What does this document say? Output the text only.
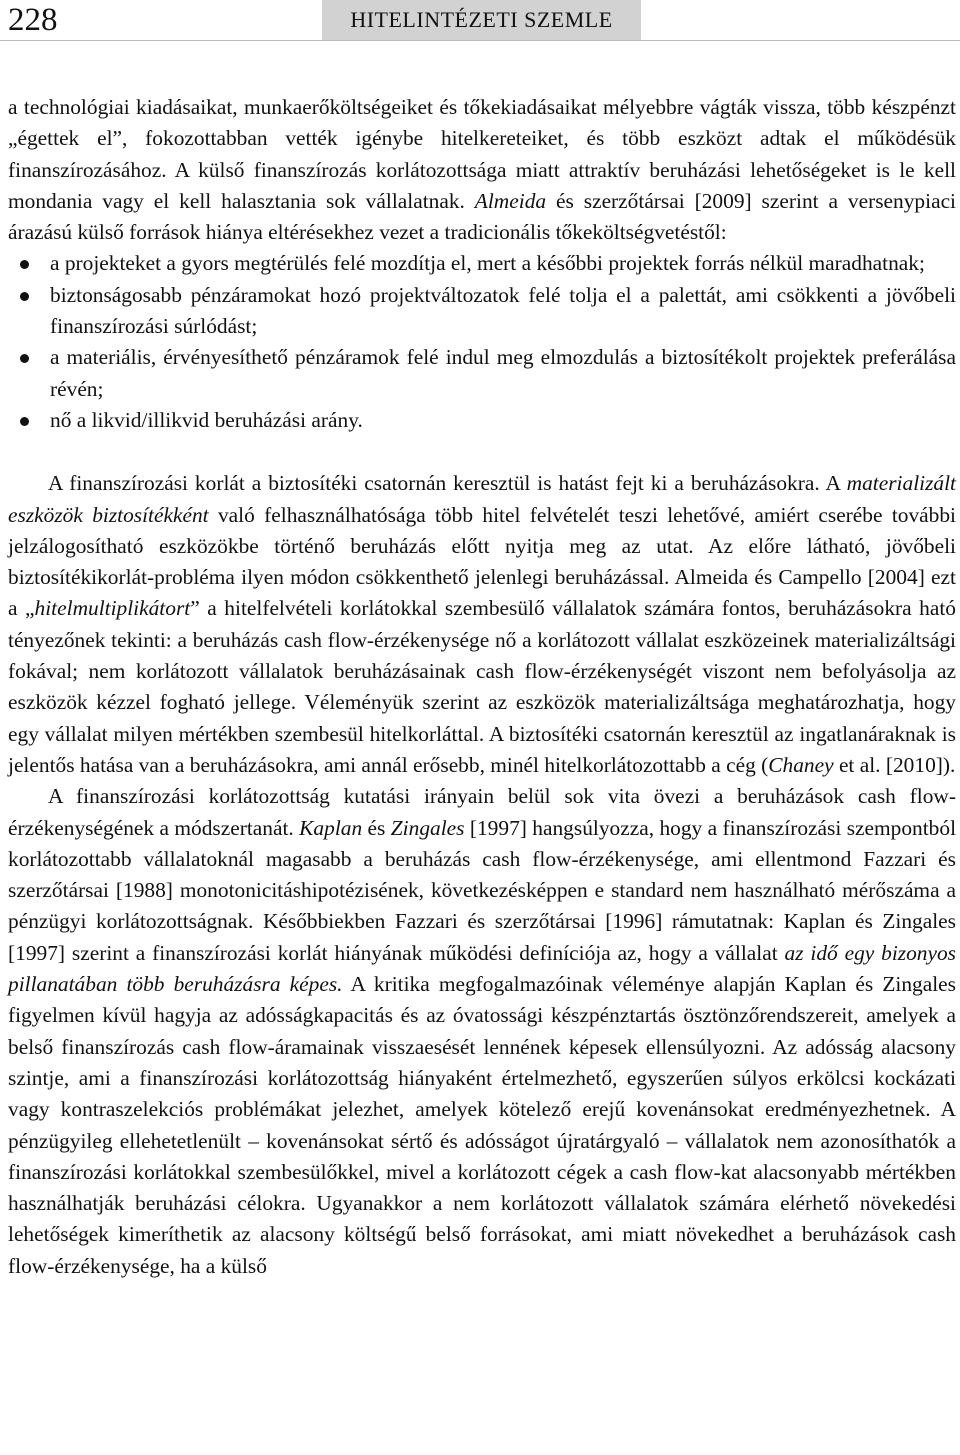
228	HITELINTÉZETI SZEMLE

a technológiai kiadásaikat, munkaerőköltségeiket és tőkekiadásaikat mélyebbre vágták vissza, több készpénzt „égettek el”, fokozottabban vették igénybe hitelkereteiket, és több eszközt adtak el működésük finanszírozásához. A külső finanszírozás korlátozottsága miatt attraktív beruházási lehetőségeket is le kell mondania vagy el kell halasztania sok vállalatnak. Almeida és szerzőtársai [2009] szerint a versenypiaci árazású külső források hiánya eltérésekhez vezet a tradicionális tőkeköltségvetéstől:

a projekteket a gyors megtérülés felé mozdítja el, mert a későbbi projektek forrás nélkül maradhatnak;
biztonságosabb pénzáramokat hozó projektváltozatok felé tolja el a palettát, ami csökkenti a jövőbeli finanszírozási súrlódást;
a materiális, érvényesíthető pénzáramok felé indul meg elmozdulás a biztosítékolt projektek preferálása révén;
nő a likvid/illikvid beruházási arány.

A finanszírozási korlát a biztosítéki csatornán keresztül is hatást fejt ki a beruházásokra. A materializált eszközök biztosítékként való felhasználhatósága több hitel felvételét teszi lehetővé, amiért cserébe további jelzálogosítható eszközökbe történő beruházás előtt nyitja meg az utat. Az előre látható, jövőbeli biztosítékikorlát-probléma ilyen módon csökkenthető jelenlegi beruházással. Almeida és Campello [2004] ezt a „hitelmultiplikátort” a hitelfelvételi korlátokkal szembesülő vállalatok számára fontos, beruházásokra ható tényezőnek tekinti: a beruházás cash flow-érzékenysége nő a korlátozott vállalat eszközeinek materializáltsági fokával; nem korlátozott vállalatok beruházásainak cash flow-érzékenységét viszont nem befolyásolja az eszközök kézzel fogható jellege. Véleményük szerint az eszközök materializáltsága meghatározhatja, hogy egy vállalat milyen mértékben szembesül hitelkorláttal. A biztosítéki csatornán keresztül az ingatlanáraknak is jelentős hatása van a beruházásokra, ami annál erősebb, minél hitelkorlátozottabb a cég (Chaney et al. [2010]).

A finanszírozási korlátozottság kutatási irányain belül sok vita övezi a beruházások cash flow-érzékenységének a módszertanát. Kaplan és Zingales [1997] hangsúlyozza, hogy a finanszírozási szempontból korlátozottabb vállalatoknál magasabb a beruházás cash flow-érzékenysége, ami ellentmond Fazzari és szerzőtársai [1988] monotonicitáshipotézisének, következésképpen e standard nem használható mérőszáma a pénzügyi korlátozottságnak. Későbbiekben Fazzari és szerzőtársai [1996] rámutatnak: Kaplan és Zingales [1997] szerint a finanszírozási korlát hiányának működési definíciója az, hogy a vállalat az idő egy bizonyos pillanatában több beruházásra képes. A kritika megfogalmazóinak véleménye alapján Kaplan és Zingales figyelmen kívül hagyja az adósságkapacitás és az óvatossági készpénztartás ösztönzőrendszereit, amelyek a belső finanszírozás cash flow-áramainak visszaesését lennének képesek ellensúlyozni. Az adósság alacsony szintje, ami a finanszírozási korlátozottság hiányaként értelmezhető, egyszerűen súlyos erkölcsi kockázati vagy kontraszelekciós problémákat jelezhet, amelyek kötelező erejű kovenánsokat eredményezhetnek. A pénzügyileg ellehetetlenült – kovenánsokat sértő és adósságot újratárgyaló – vállalatok nem azonosíthatók a finanszírozási korlátokkal szembesülőkkel, mivel a korlátozott cégek a cash flow-kat alacsonyabb mértékben használhatják beruházási célokra. Ugyanakkor a nem korlátozott vállalatok számára elérhető növekedési lehetőségek kimeríthetik az alacsony költségű belső forrásokat, ami miatt növekedhet a beruházások cash flow-érzékenysége, ha a külső
